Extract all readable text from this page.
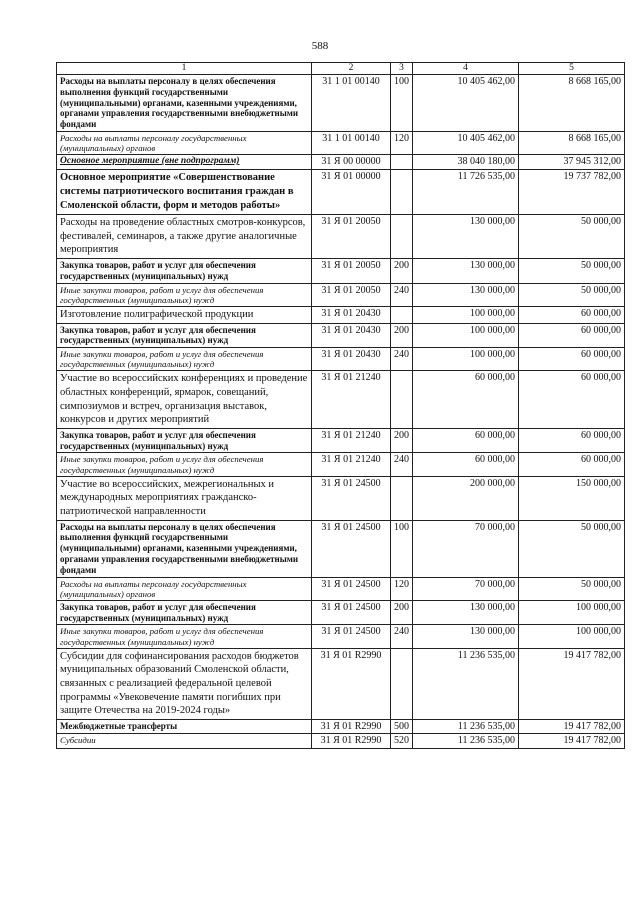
588
1	2	3	4	5
Расходы на выплаты персоналу в целях обеспечения выполнения функций государственными (муниципальными) органами, казенными учреждениями, органами управления государственными внебюджетными фондами	31 1 01 00140	100	10 405 462,00	8 668 165,00
Расходы на выплаты персоналу государственных (муниципальных) органов	31 1 01 00140	120	10 405 462,00	8 668 165,00
Основное мероприятие (вне подпрограмм)	31 Я 00 00000		38 040 180,00	37 945 312,00
Основное мероприятие «Совершенствование системы патриотического воспитания граждан в Смоленской области, форм и методов работы»	31 Я 01 00000		11 726 535,00	19 737 782,00
Расходы на проведение областных смотров-конкурсов, фестивалей, семинаров, а также другие аналогичные мероприятия	31 Я 01 20050		130 000,00	50 000,00
Закупка товаров, работ и услуг для обеспечения государственных (муниципальных) нужд	31 Я 01 20050	200	130 000,00	50 000,00
Иные закупки товаров, работ и услуг для обеспечения государственных (муниципальных) нужд	31 Я 01 20050	240	130 000,00	50 000,00
Изготовление полиграфической продукции	31 Я 01 20430		100 000,00	60 000,00
Закупка товаров, работ и услуг для обеспечения государственных (муниципальных) нужд	31 Я 01 20430	200	100 000,00	60 000,00
Иные закупки товаров, работ и услуг для обеспечения государственных (муниципальных) нужд	31 Я 01 20430	240	100 000,00	60 000,00
Участие во всероссийских конференциях и проведение областных конференций, ярмарок, совещаний, симпозиумов и встреч, организация выставок, конкурсов и других мероприятий	31 Я 01 21240		60 000,00	60 000,00
Закупка товаров, работ и услуг для обеспечения государственных (муниципальных) нужд	31 Я 01 21240	200	60 000,00	60 000,00
Иные закупки товаров, работ и услуг для обеспечения государственных (муниципальных) нужд	31 Я 01 21240	240	60 000,00	60 000,00
Участие во всероссийских, межрегиональных и международных мероприятиях гражданско-патриотической направленности	31 Я 01 24500		200 000,00	150 000,00
Расходы на выплаты персоналу в целях обеспечения выполнения функций государственными (муниципальными) органами, казенными учреждениями, органами управления государственными внебюджетными фондами	31 Я 01 24500	100	70 000,00	50 000,00
Расходы на выплаты персоналу государственных (муниципальных) органов	31 Я 01 24500	120	70 000,00	50 000,00
Закупка товаров, работ и услуг для обеспечения государственных (муниципальных) нужд	31 Я 01 24500	200	130 000,00	100 000,00
Иные закупки товаров, работ и услуг для обеспечения государственных (муниципальных) нужд	31 Я 01 24500	240	130 000,00	100 000,00
Субсидии для софинансирования расходов бюджетов муниципальных образований Смоленской области, связанных с реализацией федеральной целевой программы «Увековечение памяти погибших при защите Отечества на 2019-2024 годы»	31 Я 01 R2990		11 236 535,00	19 417 782,00
Межбюджетные трансферты	31 Я 01 R2990	500	11 236 535,00	19 417 782,00
Субсидии	31 Я 01 R2990	520	11 236 535,00	19 417 782,00
